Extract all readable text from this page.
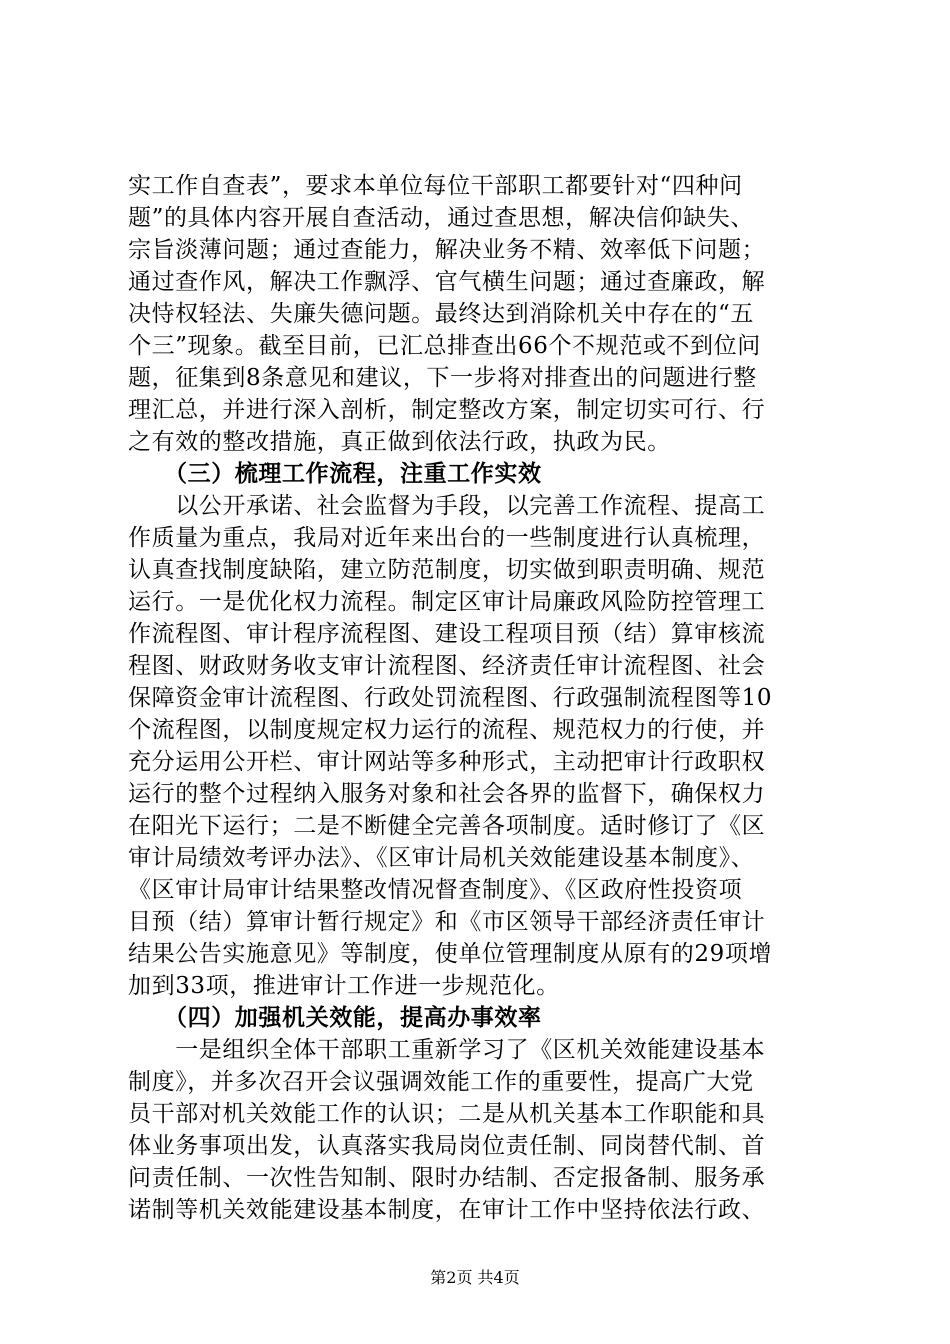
实工作自查表”，要求本单位每位干部职工都要针对“四种问
题”的具体内容开展自查活动，通过查思想，解决信仰缺失、
宗旨淡薄问题；通过查能力，解决业务不精、效率低下问题；
通过查作风，解决工作飘浮、官气横生问题；通过查廉政，解
决恃权轻法、失廉失德问题。最终达到消除机关中存在的“五
个三”现象。截至目前，已汇总排查出66个不规范或不到位问
题，征集到8条意见和建议，下一步将对排查出的问题进行整
理汇总，并进行深入剖析，制定整改方案，制定切实可行、行
之有效的整改措施，真正做到依法行政，执政为民。
（三）梳理工作流程，注重工作实效
　　以公开承诺、社会监督为手段，以完善工作流程、提高工
作质量为重点，我局对近年来出台的一些制度进行认真梳理，
认真查找制度缺陷，建立防范制度，切实做到职责明确、规范
运行。一是优化权力流程。制定区审计局廉政风险防控管理工
作流程图、审计程序流程图、建设工程项目预（结）算审核流
程图、财政财务收支审计流程图、经济责任审计流程图、社会
保障资金审计流程图、行政处罚流程图、行政强制流程图等10
个流程图，以制度规定权力运行的流程、规范权力的行使，并
充分运用公开栏、审计网站等多种形式，主动把审计行政职权
运行的整个过程纳入服务对象和社会各界的监督下，确保权力
在阳光下运行；二是不断健全完善各项制度。适时修订了《区
审计局绩效考评办法》、《区审计局机关效能建设基本制度》、
《区审计局审计结果整改情况督查制度》、《区政府性投资项
目预（结）算审计暂行规定》和《市区领导干部经济责任审计
结果公告实施意见》等制度，使单位管理制度从原有的29项增
加到33项，推进审计工作进一步规范化。
（四）加强机关效能，提高办事效率
　　一是组织全体干部职工重新学习了《区机关效能建设基本
制度》，并多次召开会议强调效能工作的重要性，提高广大党
员干部对机关效能工作的认识；二是从机关基本工作职能和具
体业务事项出发，认真落实我局岗位责任制、同岗替代制、首
问责任制、一次性告知制、限时办结制、否定报备制、服务承
诺制等机关效能建设基本制度，在审计工作中坚持依法行政、
第2页 共4页
